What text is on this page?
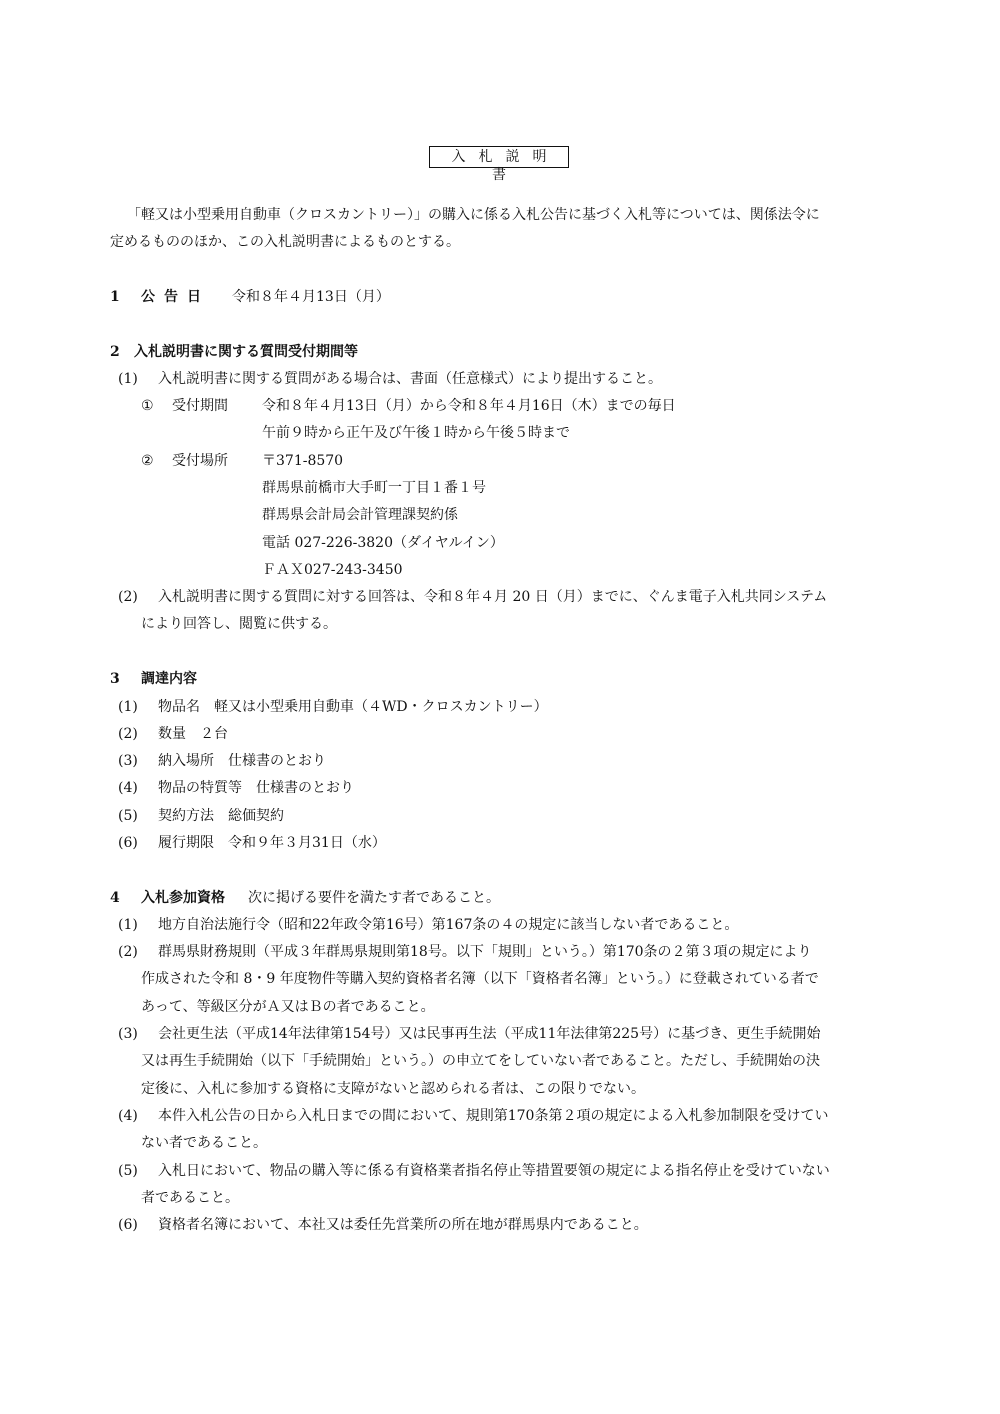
入札説明書
「軽又は小型乗用自動車（クロスカントリー）」の購入に係る入札公告に基づく入札等については、関係法令に
定めるもののほか、この入札説明書によるものとする。
1 公告日 令和８年４月13日（月）
2 入札説明書に関する質問受付期間等
(1) 入札説明書に関する質問がある場合は、書面（任意様式）により提出すること。
① 受付期間 令和８年４月13日（月）から令和８年４月16日（木）までの毎日
午前９時から正午及び午後１時から午後５時まで
② 受付場所 〒371-8570
群馬県前橋市大手町一丁目１番１号
群馬県会計局会計管理課契約係
電話 027-226-3820（ダイヤルイン）
ＦＡＸ027-243-3450
(2) 入札説明書に関する質問に対する回答は、令和８年４月 20 日（月）までに、ぐんま電子入札共同システム
により回答し、閲覧に供する。
3 調達内容
(1) 物品名　軽又は小型乗用自動車（４WD・クロスカントリー）
(2) 数量　２台
(3) 納入場所　仕様書のとおり
(4) 物品の特質等　仕様書のとおり
(5) 契約方法　総価契約
(6) 履行期限　令和９年３月31日（水）
4 入札参加資格 次に掲げる要件を満たす者であること。
(1) 地方自治法施行令（昭和22年政令第16号）第167条の４の規定に該当しない者であること。
(2) 群馬県財務規則（平成３年群馬県規則第18号。以下「規則」という。）第170条の２第３項の規定により
作成された令和 8・9 年度物件等購入契約資格者名簿（以下「資格者名簿」という。）に登載されている者で
あって、等級区分がＡ又はＢの者であること。
(3) 会社更生法（平成14年法律第154号）又は民事再生法（平成11年法律第225号）に基づき、更生手続開始
又は再生手続開始（以下「手続開始」という。）の申立てをしていない者であること。ただし、手続開始の決
定後に、入札に参加する資格に支障がないと認められる者は、この限りでない。
(4) 本件入札公告の日から入札日までの間において、規則第170条第２項の規定による入札参加制限を受けてい
ない者であること。
(5) 入札日において、物品の購入等に係る有資格業者指名停止等措置要領の規定による指名停止を受けていない
者であること。
(6) 資格者名簿において、本社又は委任先営業所の所在地が群馬県内であること。
